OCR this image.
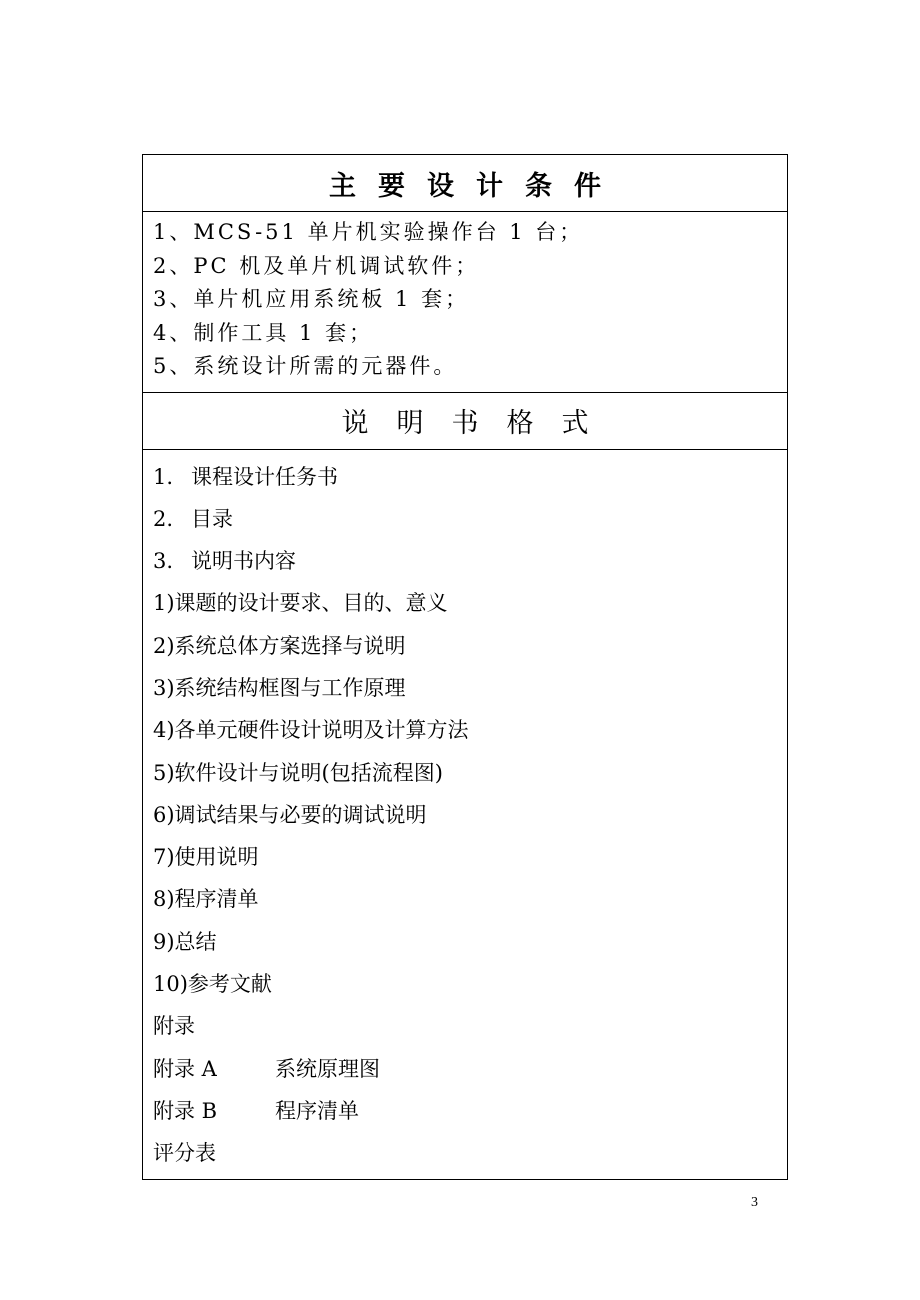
主要设计条件
1、MCS-51 单片机实验操作台 1 台；
2、PC 机及单片机调试软件；
3、单片机应用系统板 1 套；
4、制作工具 1 套；
5、系统设计所需的元器件。
说明书格式
1. 课程设计任务书
2. 目录
3. 说明书内容
1)课题的设计要求、目的、意义
2)系统总体方案选择与说明
3)系统结构框图与工作原理
4)各单元硬件设计说明及计算方法
5)软件设计与说明(包括流程图)
6)调试结果与必要的调试说明
7)使用说明
8)程序清单
9)总结
10)参考文献
附录
附录 A	系统原理图
附录 B	程序清单
评分表
3
